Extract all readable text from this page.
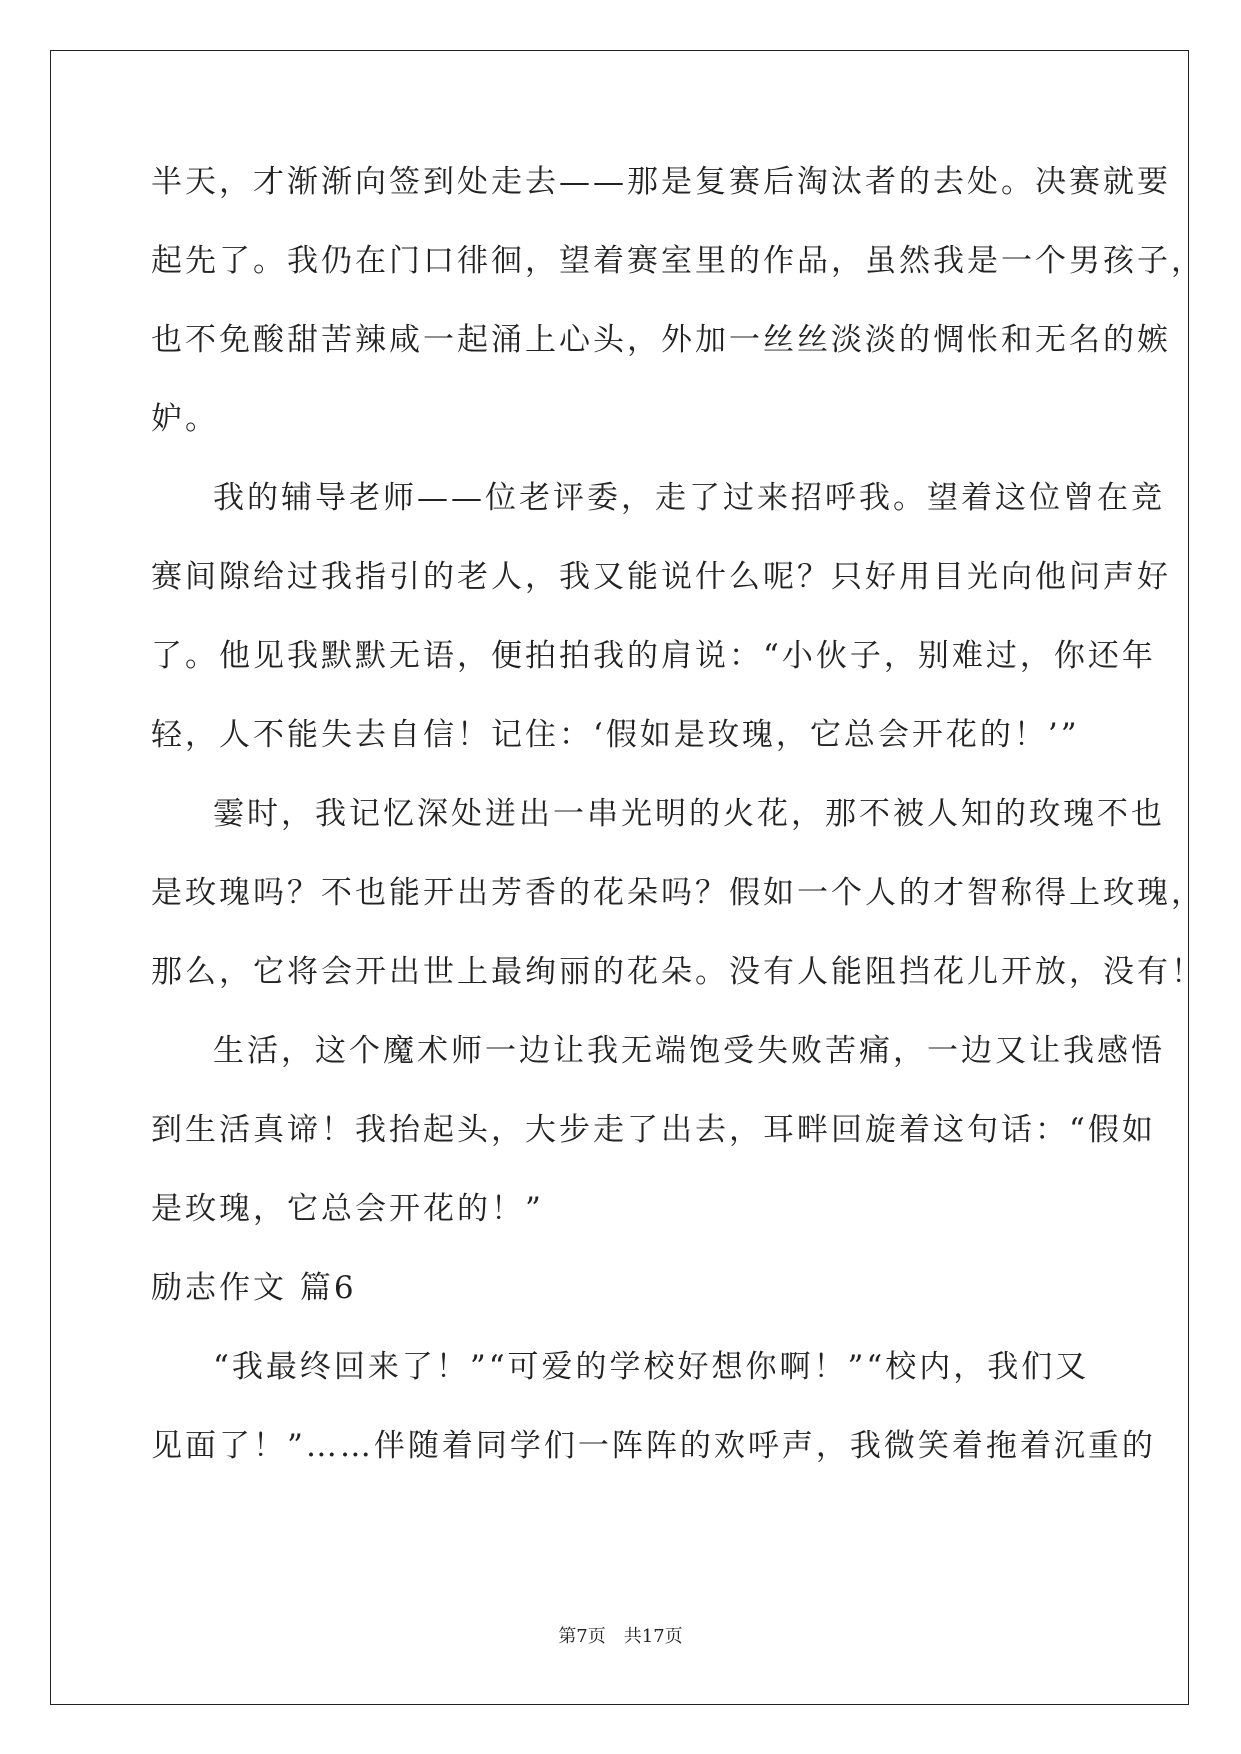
半天，才渐渐向签到处走去——那是复赛后淘汰者的去处。决赛就要
起先了。我仍在门口徘徊，望着赛室里的作品，虽然我是一个男孩子，
也不免酸甜苦辣咸一起涌上心头，外加一丝丝淡淡的惆怅和无名的嫉
妒。
我的辅导老师——位老评委，走了过来招呼我。望着这位曾在竞
赛间隙给过我指引的老人，我又能说什么呢？只好用目光向他问声好
了。他见我默默无语，便拍拍我的肩说：“小伙子，别难过，你还年
轻，人不能失去自信！记住：‘假如是玫瑰，它总会开花的！’”
霎时，我记忆深处迸出一串光明的火花，那不被人知的玫瑰不也
是玫瑰吗？不也能开出芳香的花朵吗？假如一个人的才智称得上玫瑰，
那么，它将会开出世上最绚丽的花朵。没有人能阻挡花儿开放，没有！
生活，这个魔术师一边让我无端饱受失败苦痛，一边又让我感悟
到生活真谛！我抬起头，大步走了出去，耳畔回旋着这句话：“假如
是玫瑰，它总会开花的！”
励志作文 篇6
“我最终回来了！”“可爱的学校好想你啊！”“校内，我们又
见面了！”……伴随着同学们一阵阵的欢呼声，我微笑着拖着沉重的
第7页　共17页
